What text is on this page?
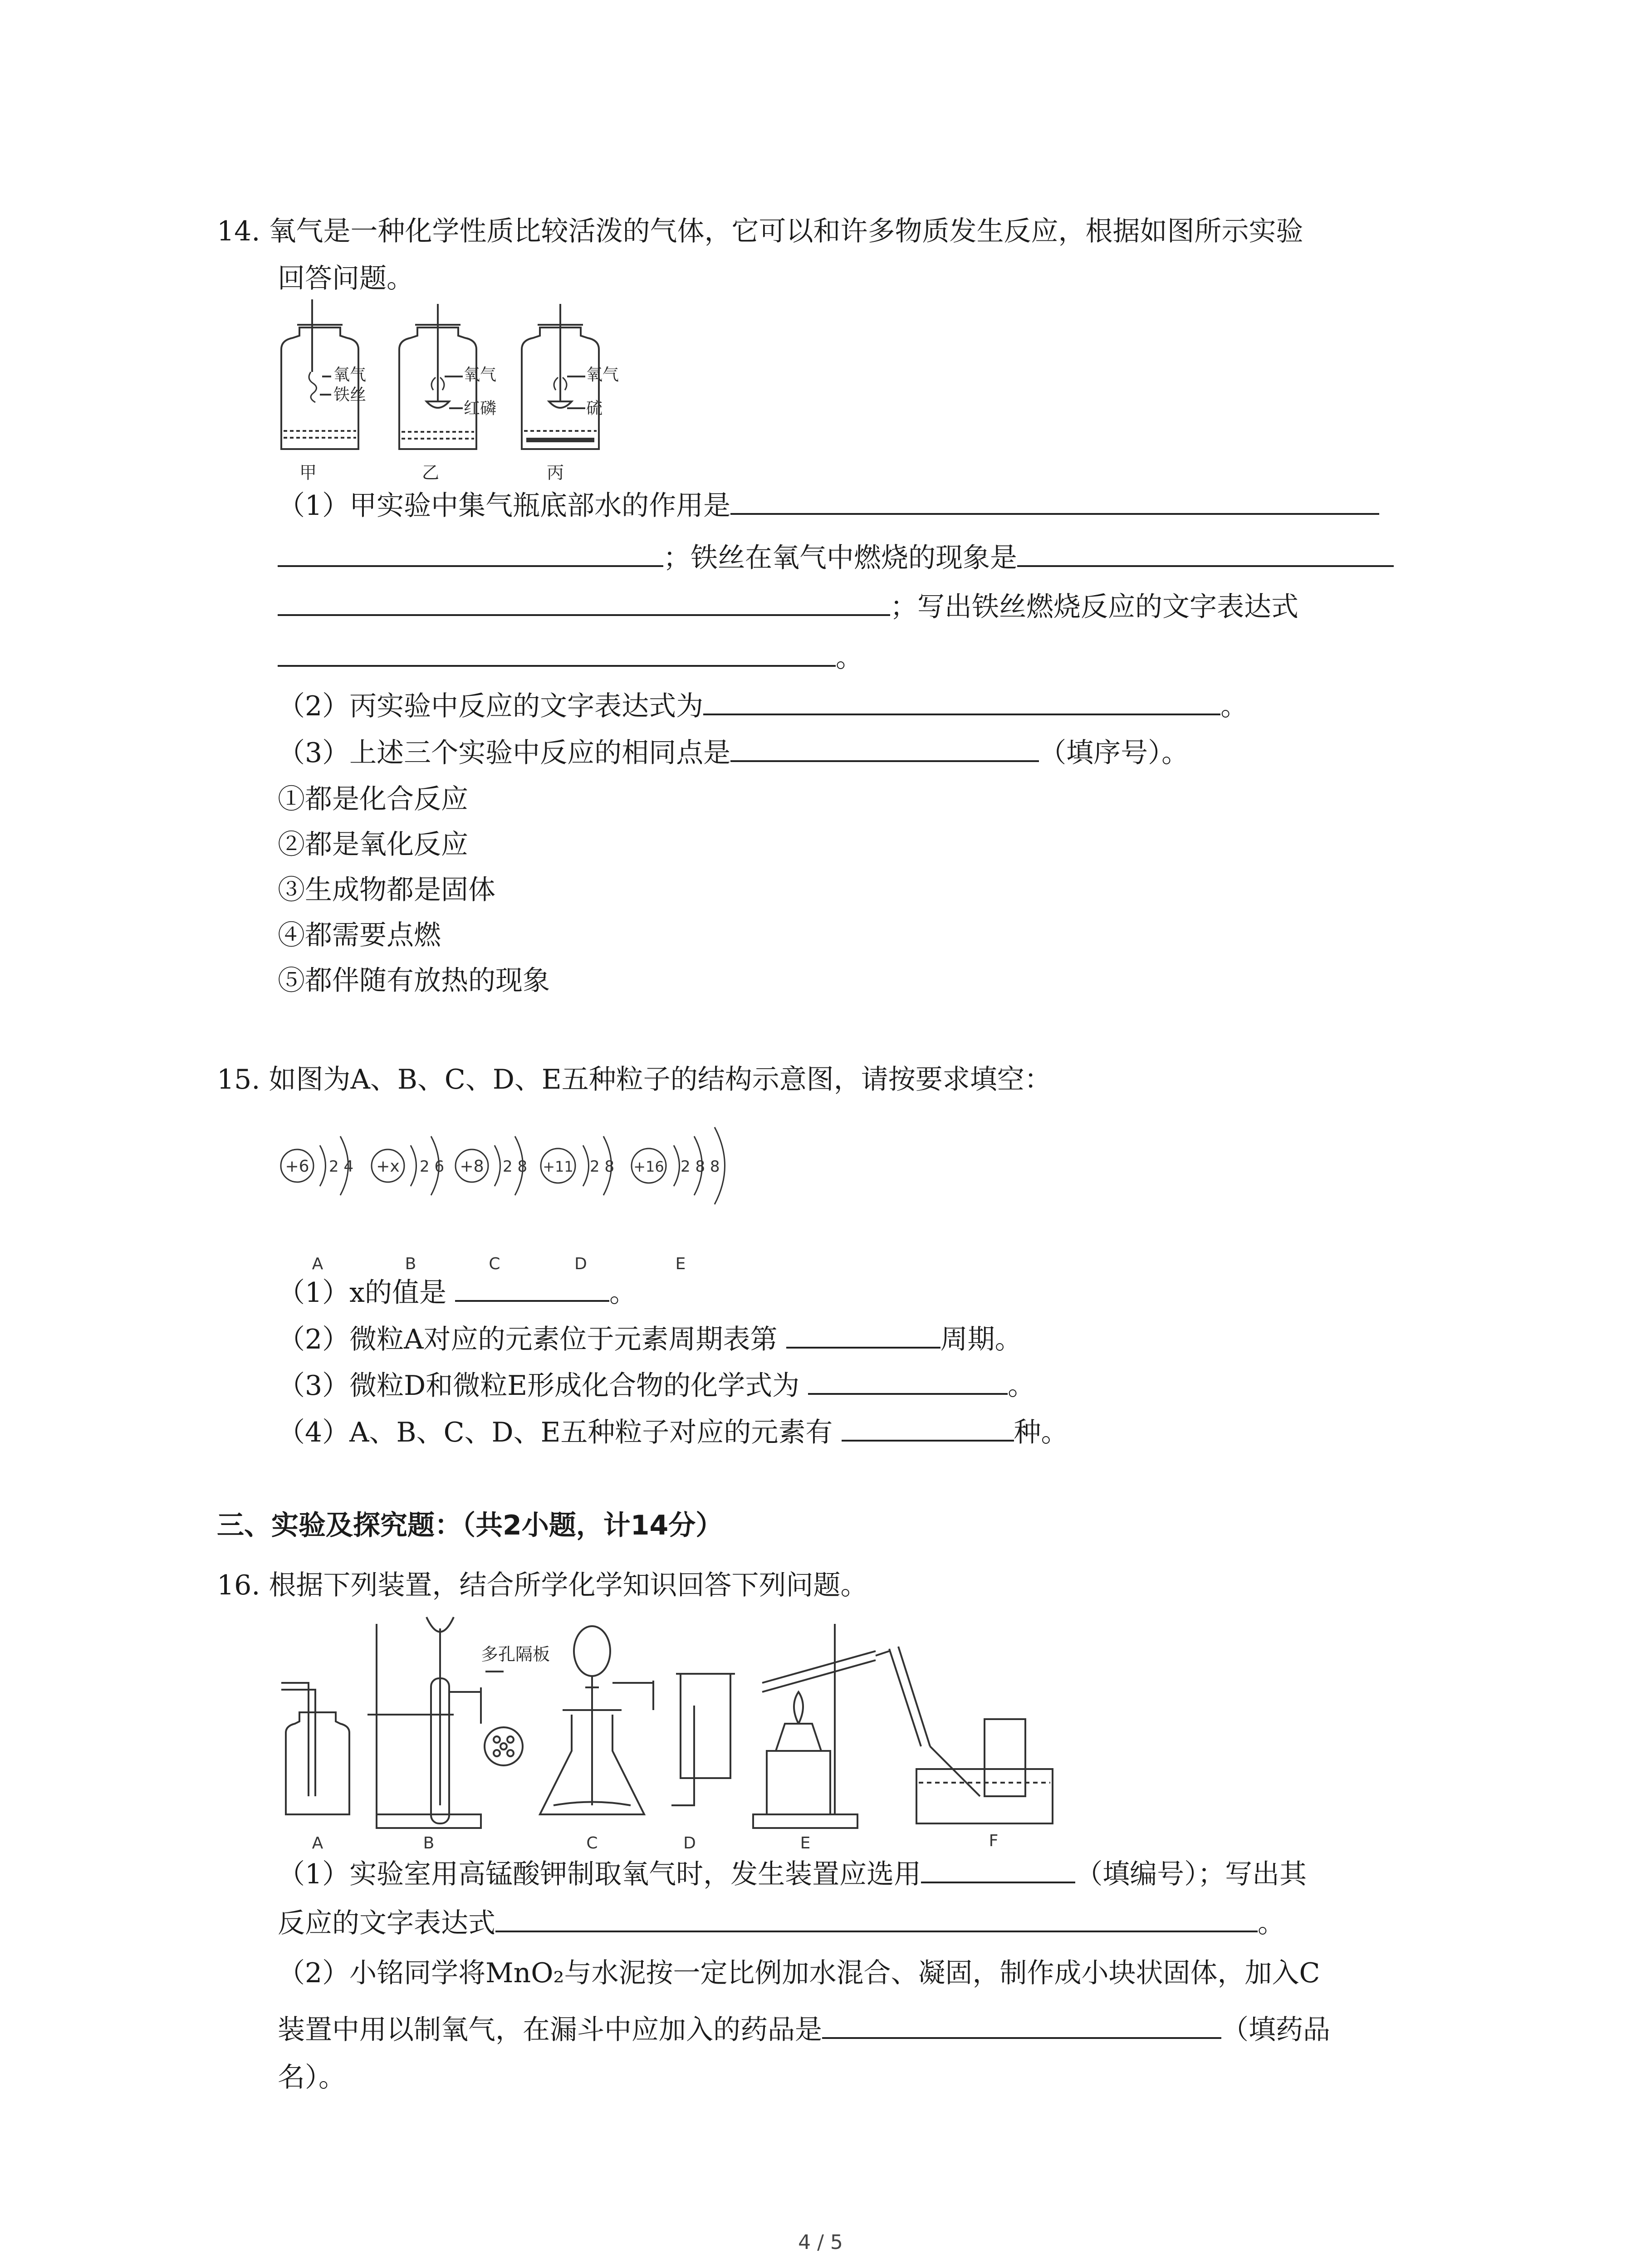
14. 氧气是一种化学性质比较活泼的气体，它可以和许多物质发生反应，根据如图所示实验
回答问题。
氧气
铁丝
氧气
红磷
氧气
硫
甲	乙	丙
（1）甲实验中集气瓶底部水的作用是
；铁丝在氧气中燃烧的现象是
；写出铁丝燃烧反应的文字表达式
。
（2）丙实验中反应的文字表达式为	。
（3）上述三个实验中反应的相同点是	（填序号）。
①都是化合反应
②都是氧化反应
③生成物都是固体
④都需要点燃
⑤都伴随有放热的现象
15. 如图为A、B、C、D、E五种粒子的结构示意图，请按要求填空：
+6 2 4 +x 2 6 +8 2 8 +11 2 8 +16 2 8 8
A	B	C	D	E
（1）x的值是	。
（2）微粒A对应的元素位于元素周期表第	周期。
（3）微粒D和微粒E形成化合物的化学式为	。
（4）A、B、C、D、E五种粒子对应的元素有	种。
三、实验及探究题：（共2小题，计14分）
16. 根据下列装置，结合所学化学知识回答下列问题。
多孔隔板
A	B	C	D	E	F
（1）实验室用高锰酸钾制取氧气时，发生装置应选用	（填编号）；写出其
反应的文字表达式	。
（2）小铭同学将MnO₂与水泥按一定比例加水混合、凝固，制作成小块状固体，加入C
装置中用以制氧气，在漏斗中应加入的药品是	（填药品
名）。
4 / 5
